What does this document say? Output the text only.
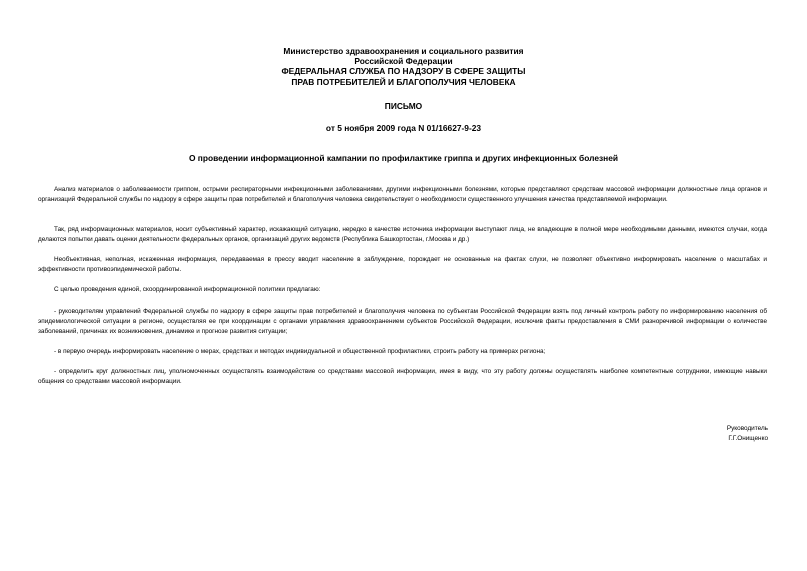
Министерство здравоохранения и социального развития
Российской Федерации
ФЕДЕРАЛЬНАЯ СЛУЖБА ПО НАДЗОРУ В СФЕРЕ ЗАЩИТЫ
ПРАВ ПОТРЕБИТЕЛЕЙ И БЛАГОПОЛУЧИЯ ЧЕЛОВЕКА
ПИСЬМО
от 5 ноября 2009 года N 01/16627-9-23
О проведении информационной кампании по профилактике гриппа и других инфекционных болезней

Анализ материалов о заболеваемости гриппом, острыми респираторными инфекционными заболеваниями, другими инфекционными болезнями, которые представляют средствам массовой информации должностные лица органов и организаций Федеральной службы по надзору в сфере защиты прав потребителей и благополучия человека свидетельствует о необходимости существенного улучшения качества представляемой информации.

Так, ряд информационных материалов, носит субъективный характер, искажающий ситуацию, нередко в качестве источника информации выступают лица, не владеющие в полной мере необходимыми данными, имеются случаи, когда делаются попытки давать оценки деятельности федеральных органов, организаций других ведомств (Республика Башкортостан, г.Москва и др.)

Необъективная, неполная, искаженная информация, передаваемая в прессу вводит население в заблуждение, порождает не основанные на фактах слухи, не позволяет объективно информировать население о масштабах и эффективности противоэпидемической работы.

С целью проведения единой, скоординированной информационной политики предлагаю:

- руководителям управлений Федеральной службы по надзору в сфере защиты прав потребителей и благополучия человека по субъектам Российской Федерации взять под личный контроль работу по информированию населения об эпидемиологической ситуации в регионе, осуществляя ее при координации с органами управления здравоохранением субъектов Российской Федерации, исключив факты предоставления в СМИ разноречивой информации о количестве заболеваний, причинах их возникновения, динамике и прогнозе развития ситуации;

- в первую очередь информировать население о мерах, средствах и методах индивидуальной и общественной профилактики, строить работу на примерах региона;

- определить круг должностных лиц, уполномоченных осуществлять взаимодействие со средствами массовой информации, имея в виду, что эту работу должны осуществлять наиболее компетентные сотрудники, имеющие навыки общения со средствами массовой информации.

Руководитель
Г.Г.Онищенко
